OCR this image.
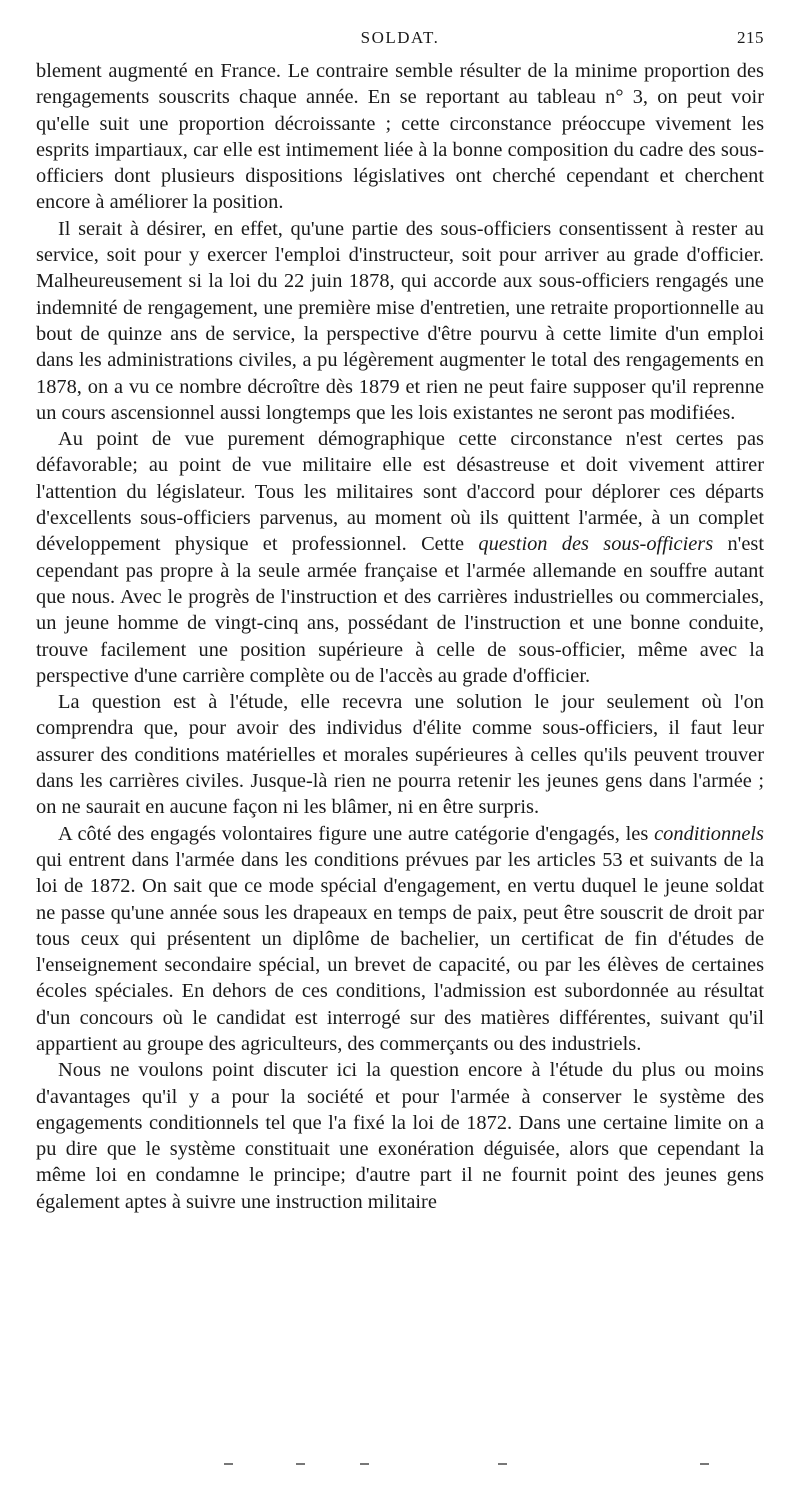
SOLDAT.	215

blement augmenté en France. Le contraire semble résulter de la minime proportion des rengagements souscrits chaque année. En se reportant au tableau n° 3, on peut voir qu'elle suit une proportion décroissante ; cette circonstance préoccupe vivement les esprits impartiaux, car elle est intimement liée à la bonne composition du cadre des sous-officiers dont plusieurs dispositions législatives ont cherché cependant et cherchent encore à améliorer la position.

Il serait à désirer, en effet, qu'une partie des sous-officiers consentissent à rester au service, soit pour y exercer l'emploi d'instructeur, soit pour arriver au grade d'officier. Malheureusement si la loi du 22 juin 1878, qui accorde aux sous-officiers rengagés une indemnité de rengagement, une première mise d'entretien, une retraite proportionnelle au bout de quinze ans de service, la perspective d'être pourvu à cette limite d'un emploi dans les administrations civiles, a pu légèrement augmenter le total des rengagements en 1878, on a vu ce nombre décroître dès 1879 et rien ne peut faire supposer qu'il reprenne un cours ascensionnel aussi longtemps que les lois existantes ne seront pas modifiées.

Au point de vue purement démographique cette circonstance n'est certes pas défavorable; au point de vue militaire elle est désastreuse et doit vivement attirer l'attention du législateur. Tous les militaires sont d'accord pour déplorer ces départs d'excellents sous-officiers parvenus, au moment où ils quittent l'armée, à un complet développement physique et professionnel. Cette question des sous-officiers n'est cependant pas propre à la seule armée française et l'armée allemande en souffre autant que nous. Avec le progrès de l'instruction et des carrières industrielles ou commerciales, un jeune homme de vingt-cinq ans, possédant de l'instruction et une bonne conduite, trouve facilement une position supérieure à celle de sous-officier, même avec la perspective d'une carrière complète ou de l'accès au grade d'officier.

La question est à l'étude, elle recevra une solution le jour seulement où l'on comprendra que, pour avoir des individus d'élite comme sous-officiers, il faut leur assurer des conditions matérielles et morales supérieures à celles qu'ils peuvent trouver dans les carrières civiles. Jusque-là rien ne pourra retenir les jeunes gens dans l'armée ; on ne saurait en aucune façon ni les blâmer, ni en être surpris.

A côté des engagés volontaires figure une autre catégorie d'engagés, les conditionnels qui entrent dans l'armée dans les conditions prévues par les articles 53 et suivants de la loi de 1872. On sait que ce mode spécial d'engagement, en vertu duquel le jeune soldat ne passe qu'une année sous les drapeaux en temps de paix, peut être souscrit de droit par tous ceux qui présentent un diplôme de bachelier, un certificat de fin d'études de l'enseignement secondaire spécial, un brevet de capacité, ou par les élèves de certaines écoles spéciales. En dehors de ces conditions, l'admission est subordonnée au résultat d'un concours où le candidat est interrogé sur des matières différentes, suivant qu'il appartient au groupe des agriculteurs, des commerçants ou des industriels.

Nous ne voulons point discuter ici la question encore à l'étude du plus ou moins d'avantages qu'il y a pour la société et pour l'armée à conserver le système des engagements conditionnels tel que l'a fixé la loi de 1872. Dans une certaine limite on a pu dire que le système constituait une exonération déguisée, alors que cependant la même loi en condamne le principe; d'autre part il ne fournit point des jeunes gens également aptes à suivre une instruction militaire
